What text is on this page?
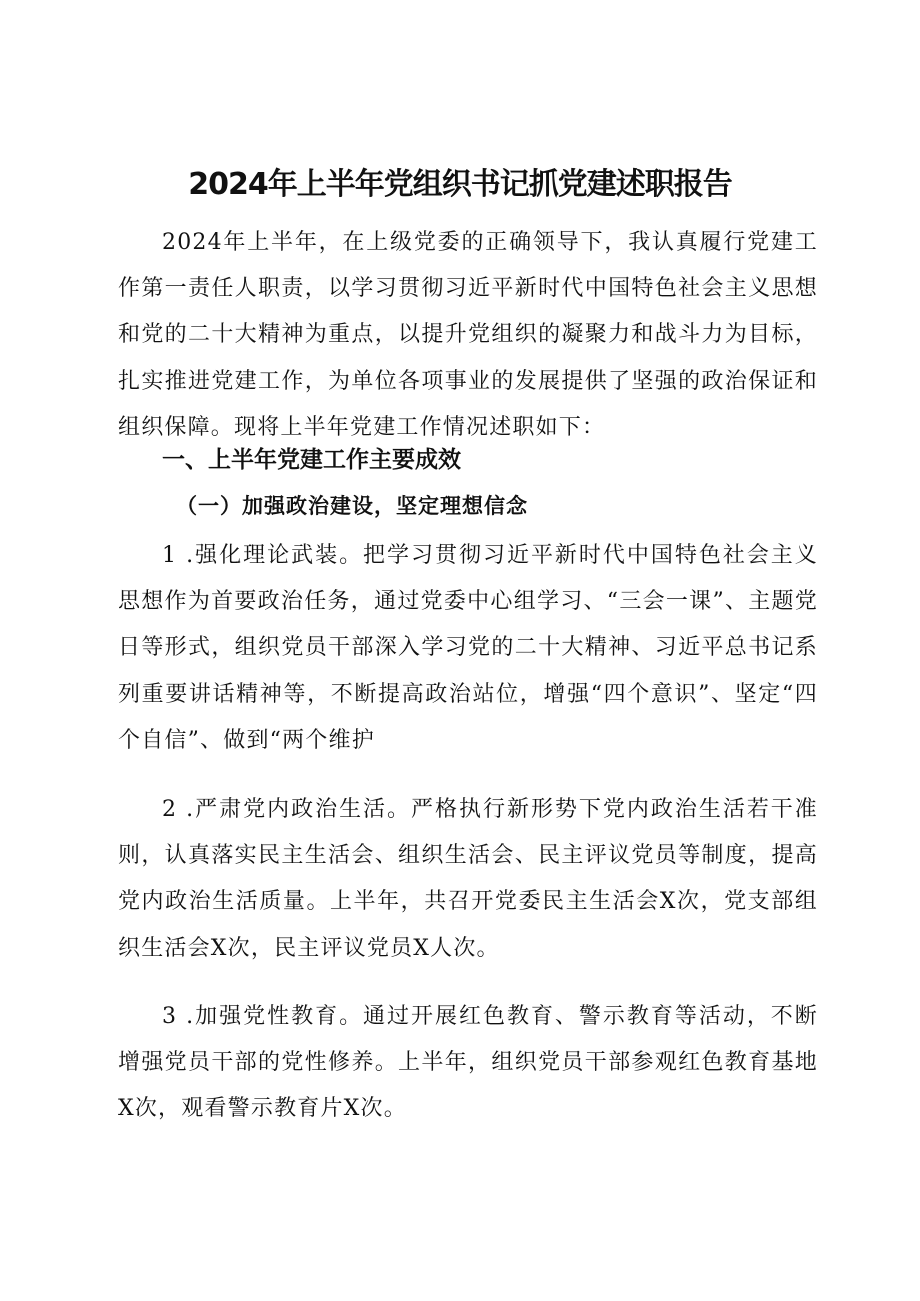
2024年上半年党组织书记抓党建述职报告

2024年上半年，在上级党委的正确领导下，我认真履行党建工作第一责任人职责，以学习贯彻习近平新时代中国特色社会主义思想和党的二十大精神为重点，以提升党组织的凝聚力和战斗力为目标，扎实推进党建工作，为单位各项事业的发展提供了坚强的政治保证和组织保障。现将上半年党建工作情况述职如下：

一、上半年党建工作主要成效
（一）加强政治建设，坚定理想信念

1 .强化理论武装。把学习贯彻习近平新时代中国特色社会主义思想作为首要政治任务，通过党委中心组学习、“三会一课”、主题党日等形式，组织党员干部深入学习党的二十大精神、习近平总书记系列重要讲话精神等，不断提高政治站位，增强“四个意识”、坚定“四个自信”、做到“两个维护

2 .严肃党内政治生活。严格执行新形势下党内政治生活若干准则，认真落实民主生活会、组织生活会、民主评议党员等制度，提高党内政治生活质量。上半年，共召开党委民主生活会X次，党支部组织生活会X次，民主评议党员X人次。

3 .加强党性教育。通过开展红色教育、警示教育等活动，不断增强党员干部的党性修养。上半年，组织党员干部参观红色教育基地X次，观看警示教育片X次。
